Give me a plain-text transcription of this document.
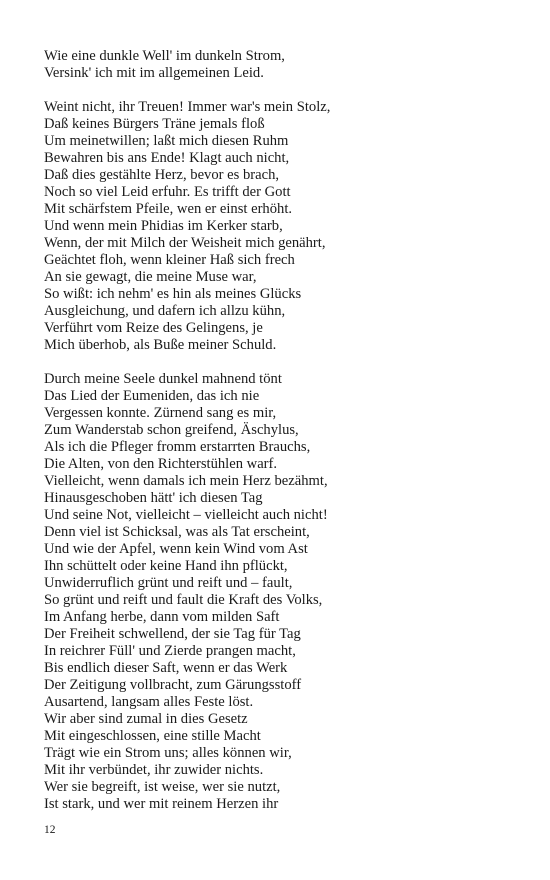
Wie eine dunkle Well' im dunkeln Strom,
Versink' ich mit im allgemeinen Leid.
Weint nicht, ihr Treuen! Immer war's mein Stolz,
Daß keines Bürgers Träne jemals floß
Um meinetwillen; laßt mich diesen Ruhm
Bewahren bis ans Ende! Klagt auch nicht,
Daß dies gestählte Herz, bevor es brach,
Noch so viel Leid erfuhr. Es trifft der Gott
Mit schärfstem Pfeile, wen er einst erhöht.
Und wenn mein Phidias im Kerker starb,
Wenn, der mit Milch der Weisheit mich genährt,
Geächtet floh, wenn kleiner Haß sich frech
An sie gewagt, die meine Muse war,
So wißt: ich nehm' es hin als meines Glücks
Ausgleichung, und dafern ich allzu kühn,
Verführt vom Reize des Gelingens, je
Mich überhob, als Buße meiner Schuld.
Durch meine Seele dunkel mahnend tönt
Das Lied der Eumeniden, das ich nie
Vergessen konnte. Zürnend sang es mir,
Zum Wanderstab schon greifend, Äschylus,
Als ich die Pfleger fromm erstarrten Brauchs,
Die Alten, von den Richterstühlen warf.
Vielleicht, wenn damals ich mein Herz bezähmt,
Hinausgeschoben hätt' ich diesen Tag
Und seine Not, vielleicht – vielleicht auch nicht!
Denn viel ist Schicksal, was als Tat erscheint,
Und wie der Apfel, wenn kein Wind vom Ast
Ihn schüttelt oder keine Hand ihn pflückt,
Unwiderruflich grünt und reift und – fault,
So grünt und reift und fault die Kraft des Volks,
Im Anfang herbe, dann vom milden Saft
Der Freiheit schwellend, der sie Tag für Tag
In reichrer Füll' und Zierde prangen macht,
Bis endlich dieser Saft, wenn er das Werk
Der Zeitigung vollbracht, zum Gärungsstoff
Ausartend, langsam alles Feste löst.
Wir aber sind zumal in dies Gesetz
Mit eingeschlossen, eine stille Macht
Trägt wie ein Strom uns; alles können wir,
Mit ihr verbündet, ihr zuwider nichts.
Wer sie begreift, ist weise, wer sie nutzt,
Ist stark, und wer mit reinem Herzen ihr
12
